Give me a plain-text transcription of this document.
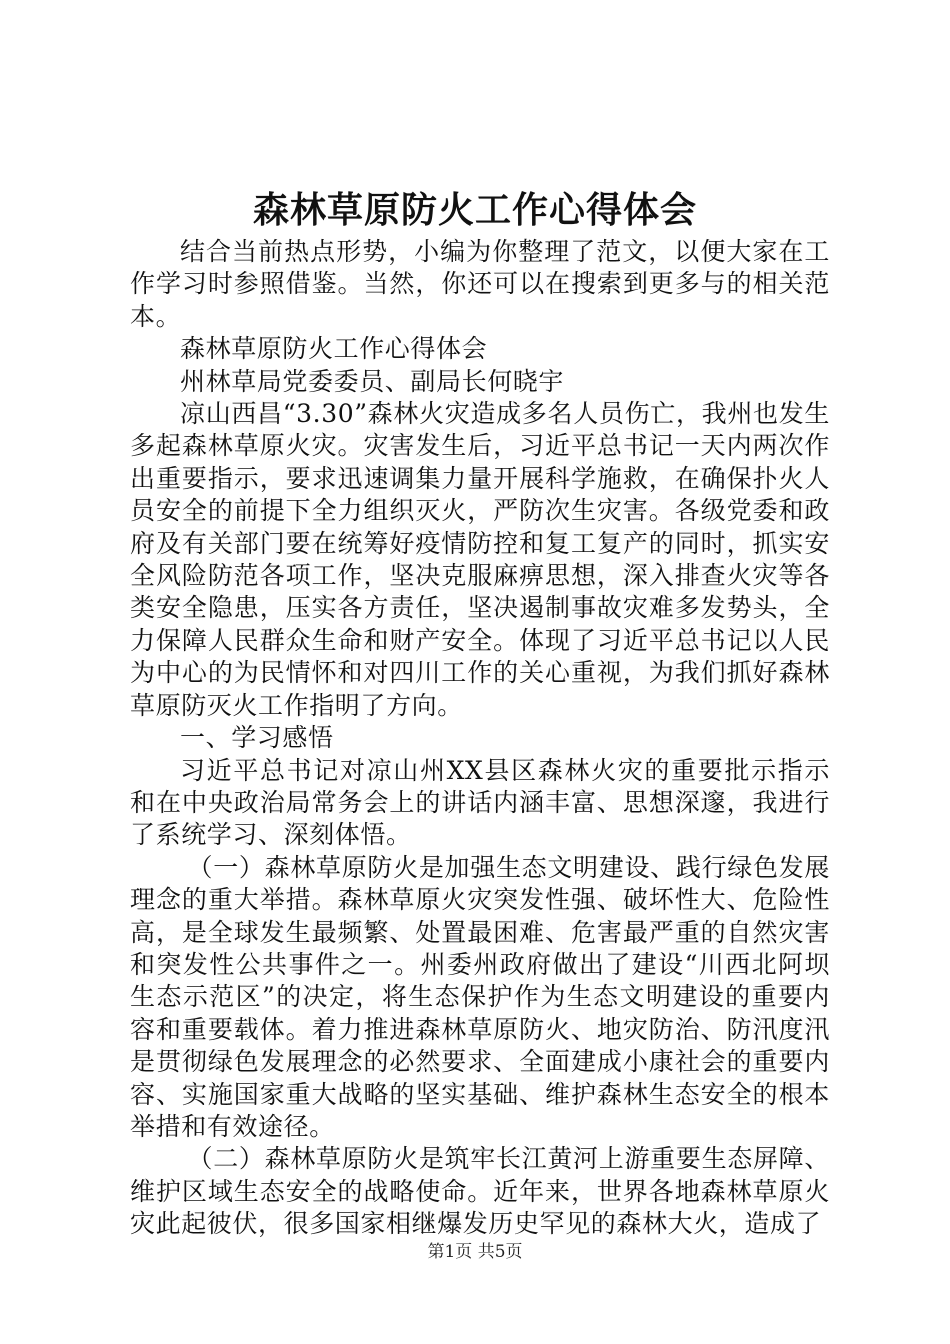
森林草原防火工作心得体会

结合当前热点形势，小编为你整理了范文，以便大家在工作学习时参照借鉴。当然，你还可以在搜索到更多与的相关范本。

森林草原防火工作心得体会

州林草局党委委员、副局长何晓宇

凉山西昌“3.30”森林火灾造成多名人员伤亡，我州也发生多起森林草原火灾。灾害发生后，习近平总书记一天内两次作出重要指示，要求迅速调集力量开展科学施救，在确保扑火人员安全的前提下全力组织灭火，严防次生灾害。各级党委和政府及有关部门要在统筹好疫情防控和复工复产的同时，抓实安全风险防范各项工作，坚决克服麻痹思想，深入排查火灾等各类安全隐患，压实各方责任，坚决遏制事故灾难多发势头，全力保障人民群众生命和财产安全。体现了习近平总书记以人民为中心的为民情怀和对四川工作的关心重视，为我们抓好森林草原防灭火工作指明了方向。

一、学习感悟

习近平总书记对凉山州XX县区森林火灾的重要批示指示和在中央政治局常务会上的讲话内涵丰富、思想深邃，我进行了系统学习、深刻体悟。

（一）森林草原防火是加强生态文明建设、践行绿色发展理念的重大举措。森林草原火灾突发性强、破坏性大、危险性高，是全球发生最频繁、处置最困难、危害最严重的自然灾害和突发性公共事件之一。州委州政府做出了建设“川西北阿坝生态示范区”的决定，将生态保护作为生态文明建设的重要内容和重要载体。着力推进森林草原防火、地灾防治、防汛度汛是贯彻绿色发展理念的必然要求、全面建成小康社会的重要内容、实施国家重大战略的坚实基础、维护森林生态安全的根本举措和有效途径。

（二）森林草原防火是筑牢长江黄河上游重要生态屏障、维护区域生态安全的战略使命。近年来，世界各地森林草原火灾此起彼伏，很多国家相继爆发历史罕见的森林大火，造成了

第1页 共5页
